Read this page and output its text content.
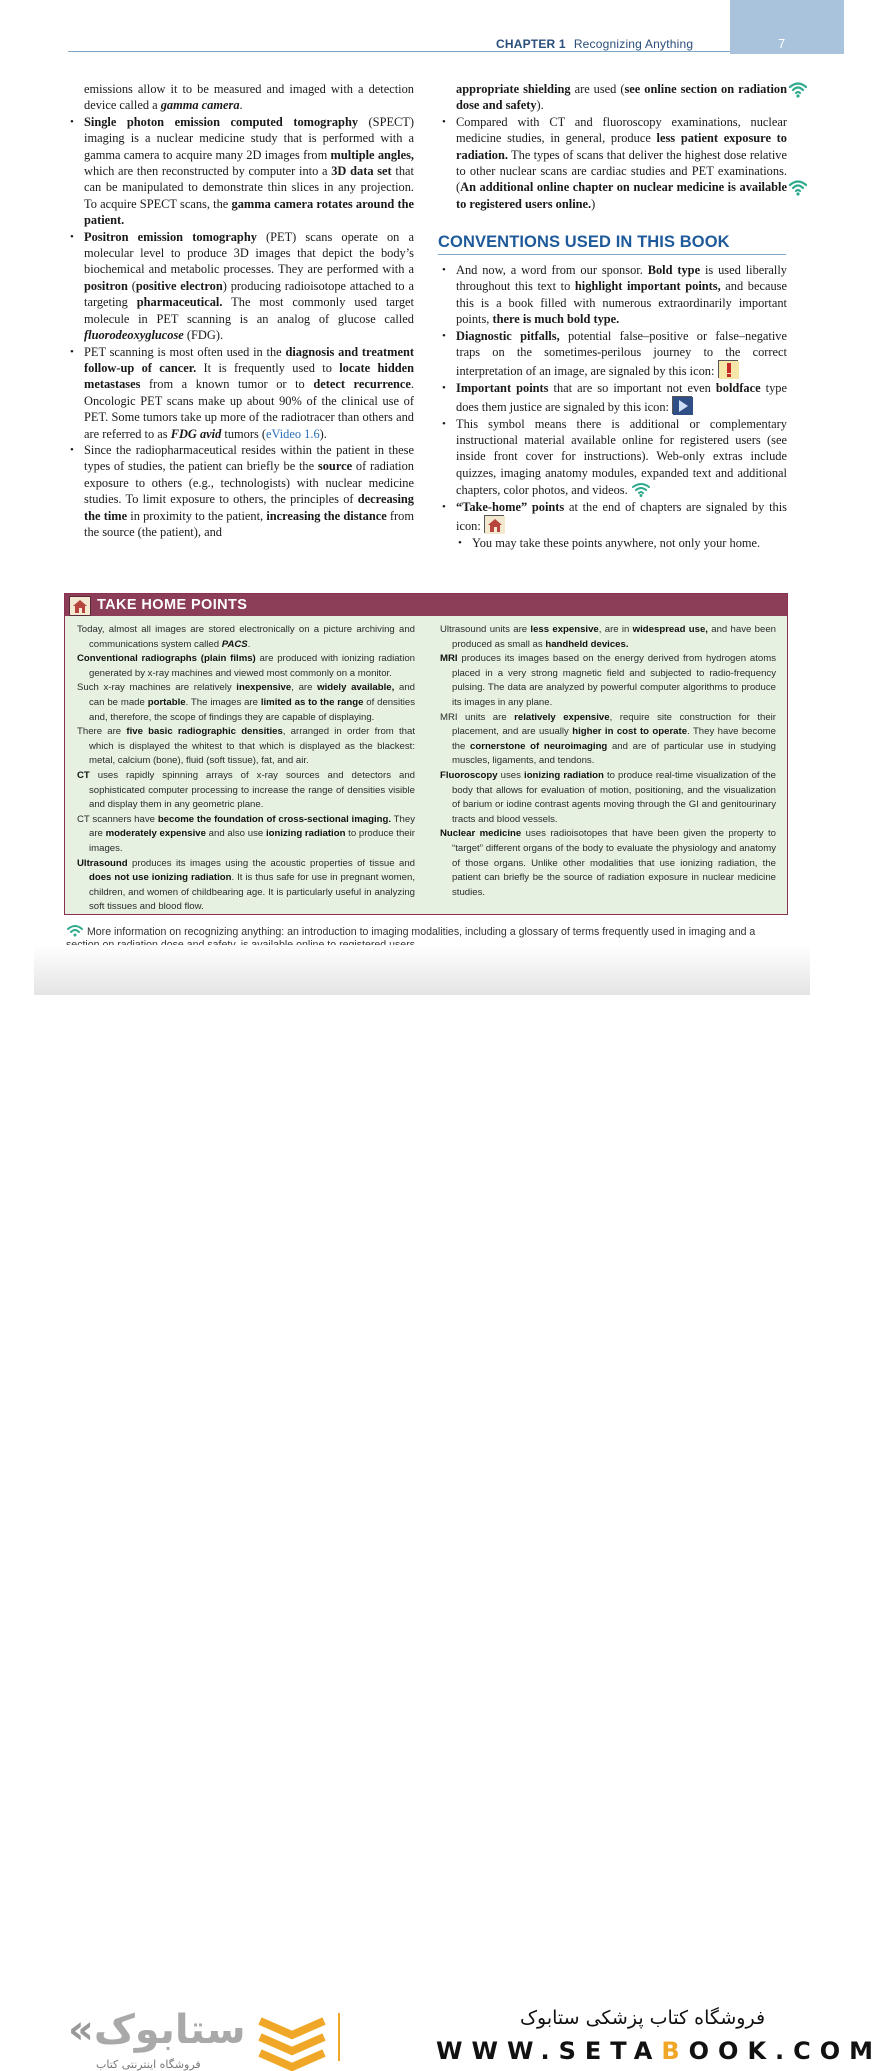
CHAPTER 1 Recognizing Anything	7

emissions allow it to be measured and imaged with a detection device called a gamma camera.

• Single photon emission computed tomography (SPECT) imaging is a nuclear medicine study that is performed with a gamma camera to acquire many 2D images from multiple angles, which are then reconstructed by computer into a 3D data set that can be manipulated to demonstrate thin slices in any projection. To acquire SPECT scans, the gamma camera rotates around the patient.
• Positron emission tomography (PET) scans operate on a molecular level to produce 3D images that depict the body’s biochemical and metabolic processes. They are performed with a positron (positive electron) producing radioisotope attached to a targeting pharmaceutical. The most commonly used target molecule in PET scanning is an analog of glucose called fluorodeoxyglucose (FDG).
• PET scanning is most often used in the diagnosis and treatment follow-up of cancer. It is frequently used to locate hidden metastases from a known tumor or to detect recurrence. Oncologic PET scans make up about 90% of the clinical use of PET. Some tumors take up more of the radiotracer than others and are referred to as FDG avid tumors (eVideo 1.6).
• Since the radiopharmaceutical resides within the patient in these types of studies, the patient can briefly be the source of radiation exposure to others (e.g., technologists) with nuclear medicine studies. To limit exposure to others, the principles of decreasing the time in proximity to the patient, increasing the distance from the source (the patient), and

appropriate shielding are used (see online section on radiation dose and safety).

• Compared with CT and fluoroscopy examinations, nuclear medicine studies, in general, produce less patient exposure to radiation. The types of scans that deliver the highest dose relative to other nuclear scans are cardiac studies and PET examinations. (An additional online chapter on nuclear medicine is available to registered users online.)
CONVENTIONS USED IN THIS BOOK
• And now, a word from our sponsor. Bold type is used liberally throughout this text to highlight important points, and because this is a book filled with numerous extraordinarily important points, there is much bold type.
• Diagnostic pitfalls, potential false–positive or false–negative traps on the sometimes-perilous journey to the correct interpretation of an image, are signaled by this icon:
• Important points that are so important not even boldface type does them justice are signaled by this icon:
• This symbol means there is additional or complementary instructional material available online for registered users (see inside front cover for instructions). Web-only extras include quizzes, imaging anatomy modules, expanded text and additional chapters, color photos, and videos.
• “Take-home” points at the end of chapters are signaled by this icon:
• You may take these points anywhere, not only your home.
TAKE HOME POINTS

Today, almost all images are stored electronically on a picture archiving and communications system called PACS.

Conventional radiographs (plain films) are produced with ionizing radiation generated by x-ray machines and viewed most commonly on a monitor.

Such x-ray machines are relatively inexpensive, are widely available, and can be made portable. The images are limited as to the range of densities and, therefore, the scope of findings they are capable of displaying.

There are five basic radiographic densities, arranged in order from that which is displayed the whitest to that which is displayed as the blackest: metal, calcium (bone), fluid (soft tissue), fat, and air.

CT uses rapidly spinning arrays of x-ray sources and detectors and sophisticated computer processing to increase the range of densities visible and display them in any geometric plane.

CT scanners have become the foundation of cross-sectional imaging. They are moderately expensive and also use ionizing radiation to produce their images.

Ultrasound produces its images using the acoustic properties of tissue and does not use ionizing radiation. It is thus safe for use in pregnant women, children, and women of childbearing age. It is particularly useful in analyzing soft tissues and blood flow.

Ultrasound units are less expensive, are in widespread use, and have been produced as small as handheld devices.

MRI produces its images based on the energy derived from hydrogen atoms placed in a very strong magnetic field and subjected to radio-frequency pulsing. The data are analyzed by powerful computer algorithms to produce its images in any plane.

MRI units are relatively expensive, require site construction for their placement, and are usually higher in cost to operate. They have become the cornerstone of neuroimaging and are of particular use in studying muscles, ligaments, and tendons.

Fluoroscopy uses ionizing radiation to produce real-time visualization of the body that allows for evaluation of motion, positioning, and the visualization of barium or iodine contrast agents moving through the GI and genitourinary tracts and blood vessels.

Nuclear medicine uses radioisotopes that have been given the property to “target” different organs of the body to evaluate the physiology and anatomy of those organs. Unlike other modalities that use ionizing radiation, the patient can briefly be the source of radiation exposure in nuclear medicine studies.

More information on recognizing anything: an introduction to imaging modalities, including a glossary of terms frequently used in imaging and a
«ستابوک
فروشگاه اینترنتی کتاب
فروشگاه کتاب پزشکی ستابوک
WWW.SETABOOK.COM
